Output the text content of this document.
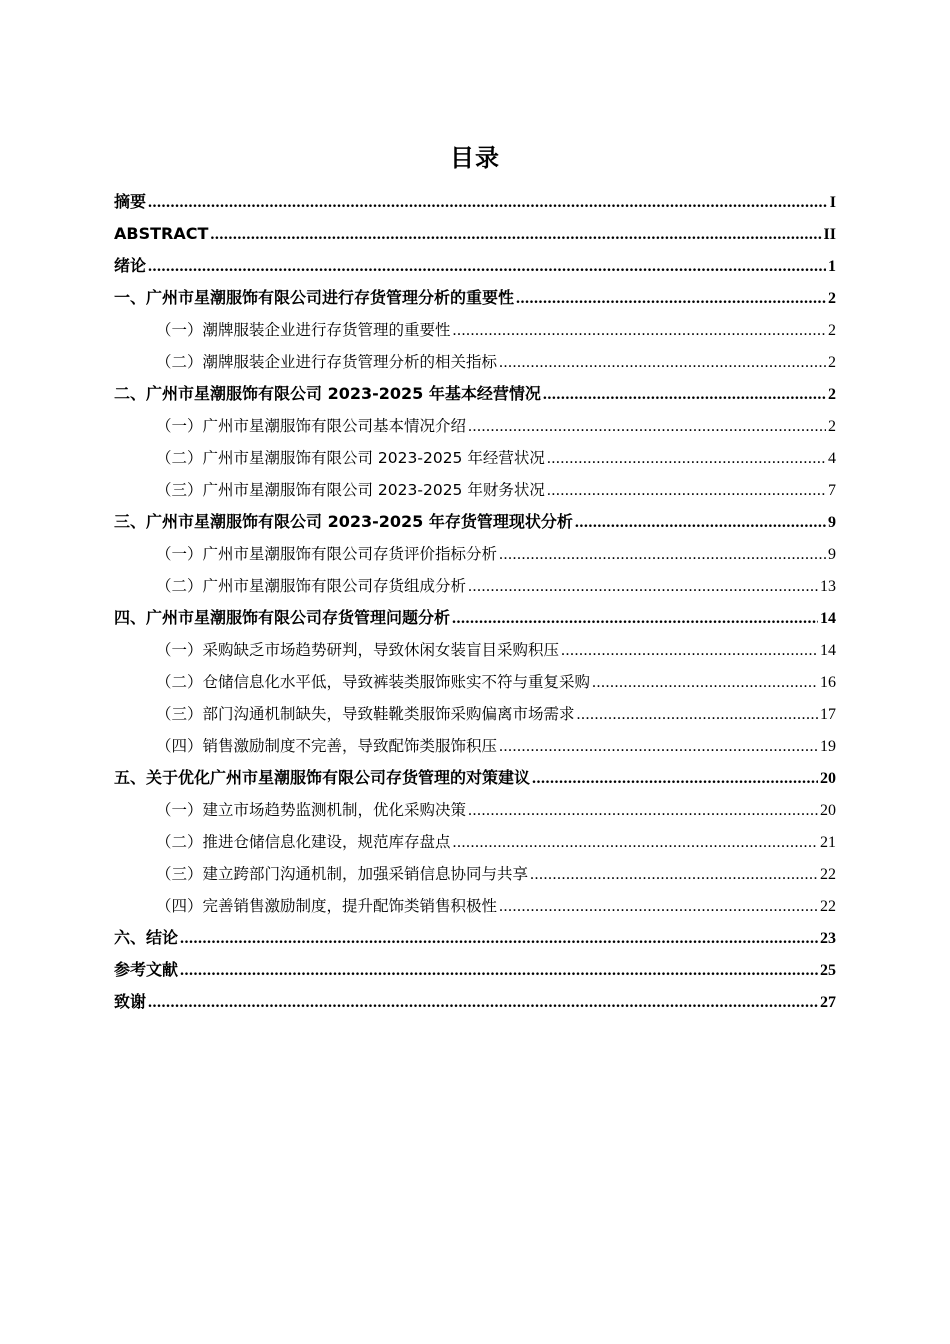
目录
摘要 .....	I
ABSTRACT .....	II
绪论 .....	1
一、广州市星潮服饰有限公司进行存货管理分析的重要性 .....	2
（一）潮牌服装企业进行存货管理的重要性 .....	2
（二）潮牌服装企业进行存货管理分析的相关指标 .....	2
二、广州市星潮服饰有限公司 2023-2025 年基本经营情况 .....	2
（一）广州市星潮服饰有限公司基本情况介绍 .....	2
（二）广州市星潮服饰有限公司 2023-2025 年经营状况 .....	4
（三）广州市星潮服饰有限公司 2023-2025 年财务状况 .....	7
三、广州市星潮服饰有限公司 2023-2025 年存货管理现状分析 .....	9
（一）广州市星潮服饰有限公司存货评价指标分析 .....	9
（二）广州市星潮服饰有限公司存货组成分析 .....	13
四、广州市星潮服饰有限公司存货管理问题分析 .....	14
（一）采购缺乏市场趋势研判，导致休闲女装盲目采购积压 .....	14
（二）仓储信息化水平低，导致裤装类服饰账实不符与重复采购 .....	16
（三）部门沟通机制缺失，导致鞋靴类服饰采购偏离市场需求 .....	17
（四）销售激励制度不完善，导致配饰类服饰积压 .....	19
五、关于优化广州市星潮服饰有限公司存货管理的对策建议 .....	20
（一）建立市场趋势监测机制，优化采购决策 .....	20
（二）推进仓储信息化建设，规范库存盘点 .....	21
（三）建立跨部门沟通机制，加强采销信息协同与共享 .....	22
（四）完善销售激励制度，提升配饰类销售积极性 .....	22
六、结论 .....	23
参考文献 .....	25
致谢 .....	27
